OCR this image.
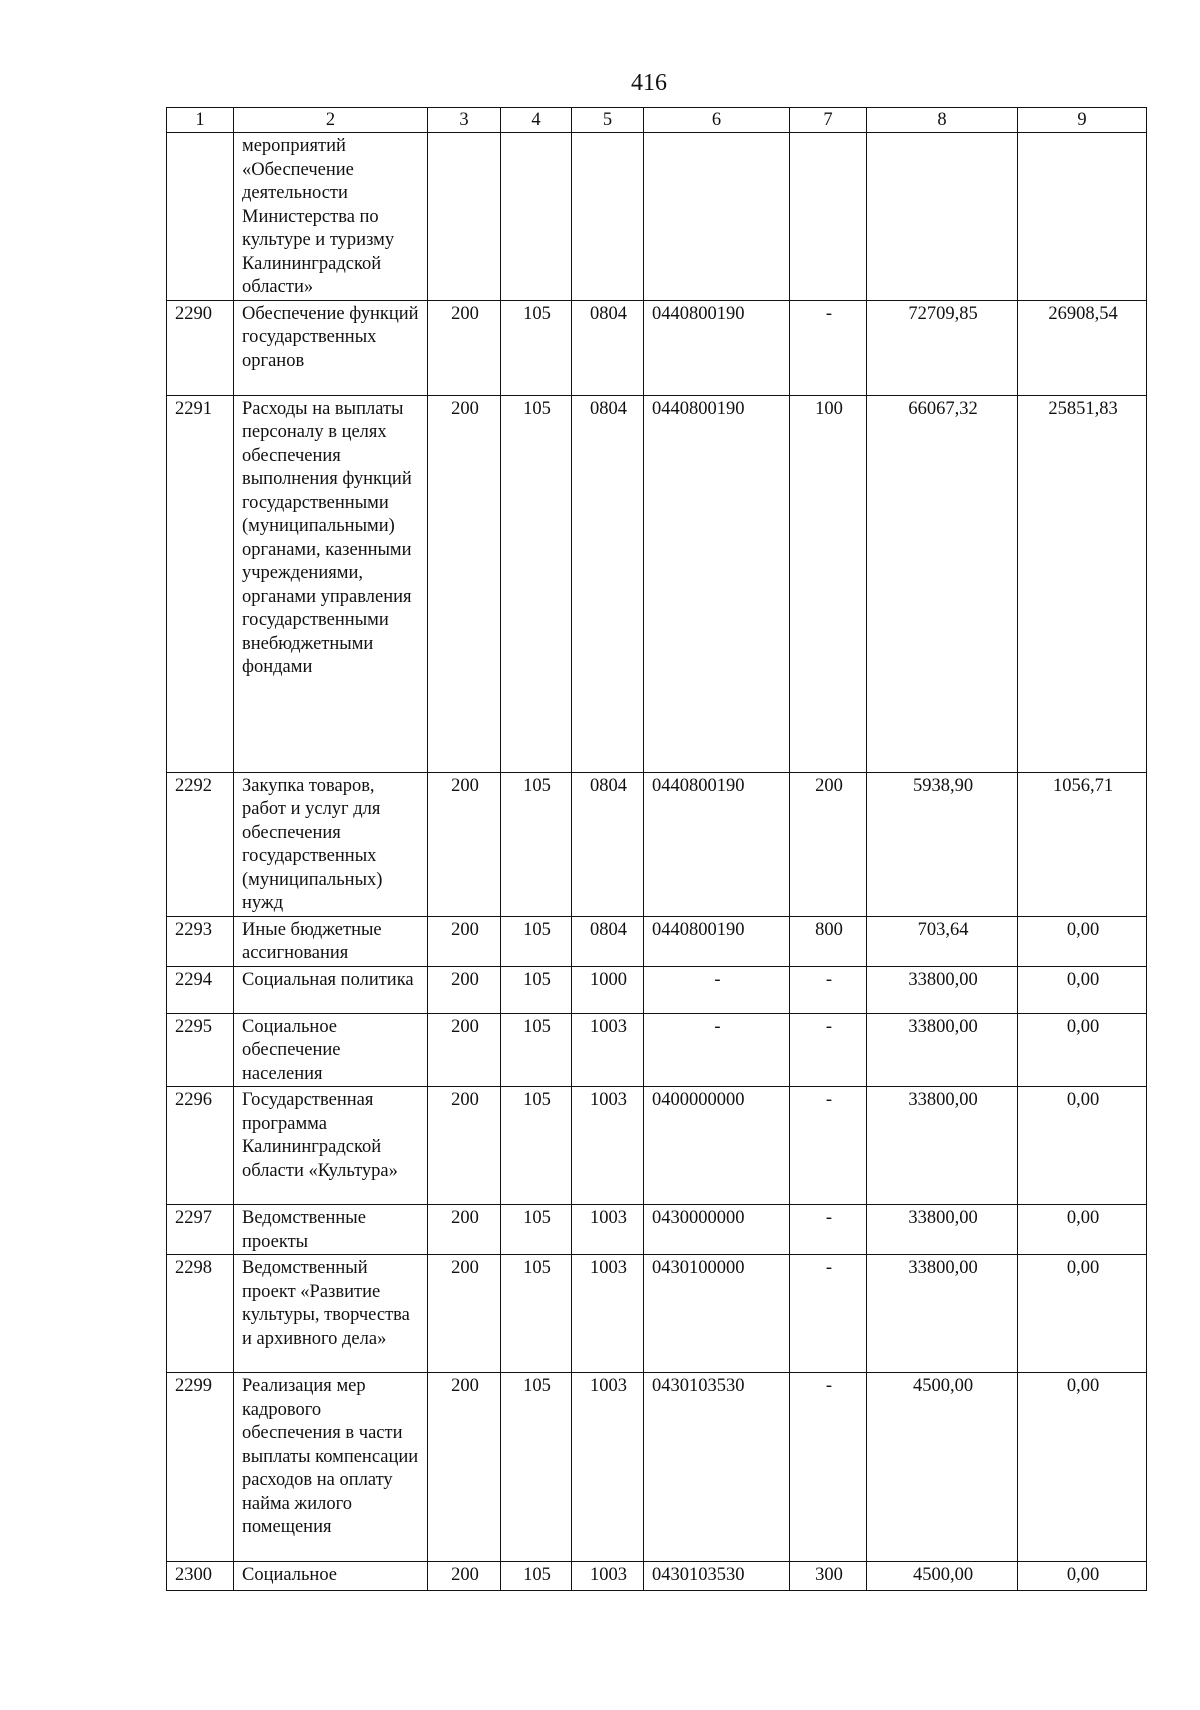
416
1	2	3	4	5	6	7	8	9
	мероприятий «Обеспечение деятельности Министерства по культуре и туризму Калининградской области»							
2290	Обеспечение функций государственных органов	200	105	0804	0440800190	-	72709,85	26908,54
2291	Расходы на выплаты персоналу в целях обеспечения выполнения функций государственными (муниципальными) органами, казенными учреждениями, органами управления государственными внебюджетными фондами	200	105	0804	0440800190	100	66067,32	25851,83
2292	Закупка товаров, работ и услуг для обеспечения государственных (муниципальных) нужд	200	105	0804	0440800190	200	5938,90	1056,71
2293	Иные бюджетные ассигнования	200	105	0804	0440800190	800	703,64	0,00
2294	Социальная политика	200	105	1000	-	-	33800,00	0,00
2295	Социальное обеспечение населения	200	105	1003	-	-	33800,00	0,00
2296	Государственная программа Калининградской области «Культура»	200	105	1003	0400000000	-	33800,00	0,00
2297	Ведомственные проекты	200	105	1003	0430000000	-	33800,00	0,00
2298	Ведомственный проект «Развитие культуры, творчества и архивного дела»	200	105	1003	0430100000	-	33800,00	0,00
2299	Реализация мер кадрового обеспечения в части выплаты компенсации расходов на оплату найма жилого помещения	200	105	1003	0430103530	-	4500,00	0,00
2300	Социальное	200	105	1003	0430103530	300	4500,00	0,00
